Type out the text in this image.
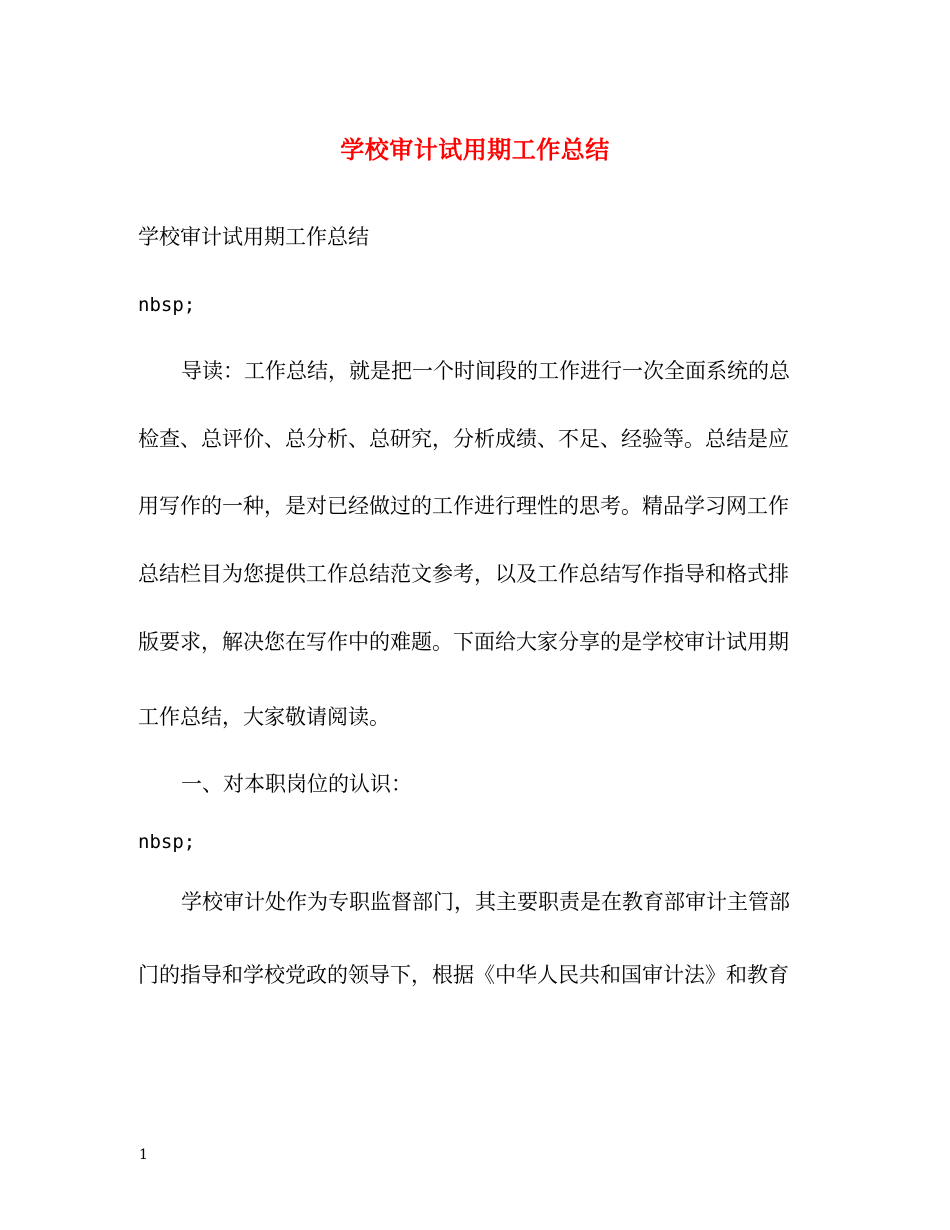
学校审计试用期工作总结
学校审计试用期工作总结
nbsp;
导读：工作总结，就是把一个时间段的工作进行一次全面系统的总
检查、总评价、总分析、总研究，分析成绩、不足、经验等。总结是应
用写作的一种，是对已经做过的工作进行理性的思考。精品学习网工作
总结栏目为您提供工作总结范文参考，以及工作总结写作指导和格式排
版要求，解决您在写作中的难题。下面给大家分享的是学校审计试用期
工作总结，大家敬请阅读。
一、对本职岗位的认识：
nbsp;
学校审计处作为专职监督部门，其主要职责是在教育部审计主管部
门的指导和学校党政的领导下，根据《中华人民共和国审计法》和教育
1
